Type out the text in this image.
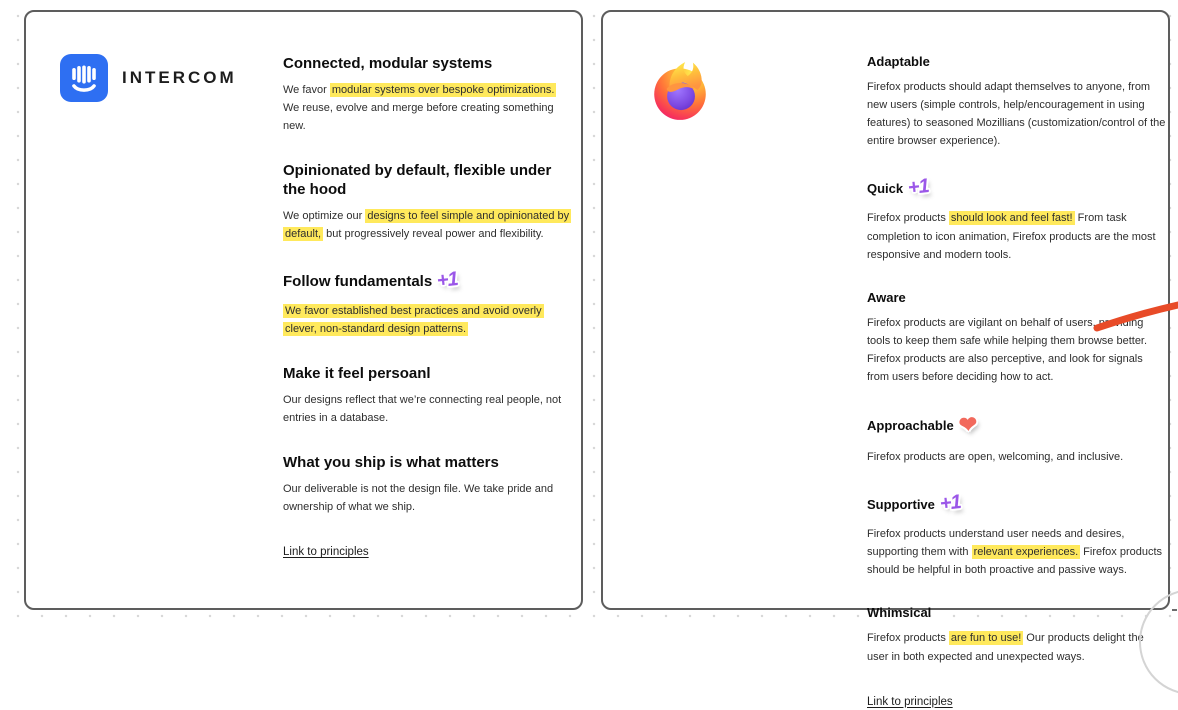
INTERCOM
Connected, modular systems

We favor modular systems over bespoke optimizations. We reuse, evolve and merge before creating something new.

Opinionated by default, flexible under the hood

We optimize our designs to feel simple and opinionated by default, but progressively reveal power and flexibility.

Follow fundamentals +1

We favor established best practices and avoid overly clever, non-standard design patterns.

Make it feel persoanl

Our designs reflect that we’re connecting real people, not entries in a database.

What you ship is what matters

Our deliverable is not the design file. We take pride and ownership of what we ship.

Link to principles
Adaptable

Firefox products should adapt themselves to anyone, from new users (simple controls, help/encouragement in using features) to seasoned Mozillians (customization/control of the entire browser experience).

Quick +1

Firefox products should look and feel fast! From task completion to icon animation, Firefox products are the most responsive and modern tools.

Aware

Firefox products are vigilant on behalf of users, providing tools to keep them safe while helping them browse better. Firefox products are also perceptive, and look for signals from users before deciding how to act.

Approachable ❤

Firefox products are open, welcoming, and inclusive.

Supportive +1

Firefox products understand user needs and desires, supporting them with relevant experiences. Firefox products should be helpful in both proactive and passive ways.

Whimsical

Firefox products are fun to use! Our products delight the user in both expected and unexpected ways.

Link to principles
